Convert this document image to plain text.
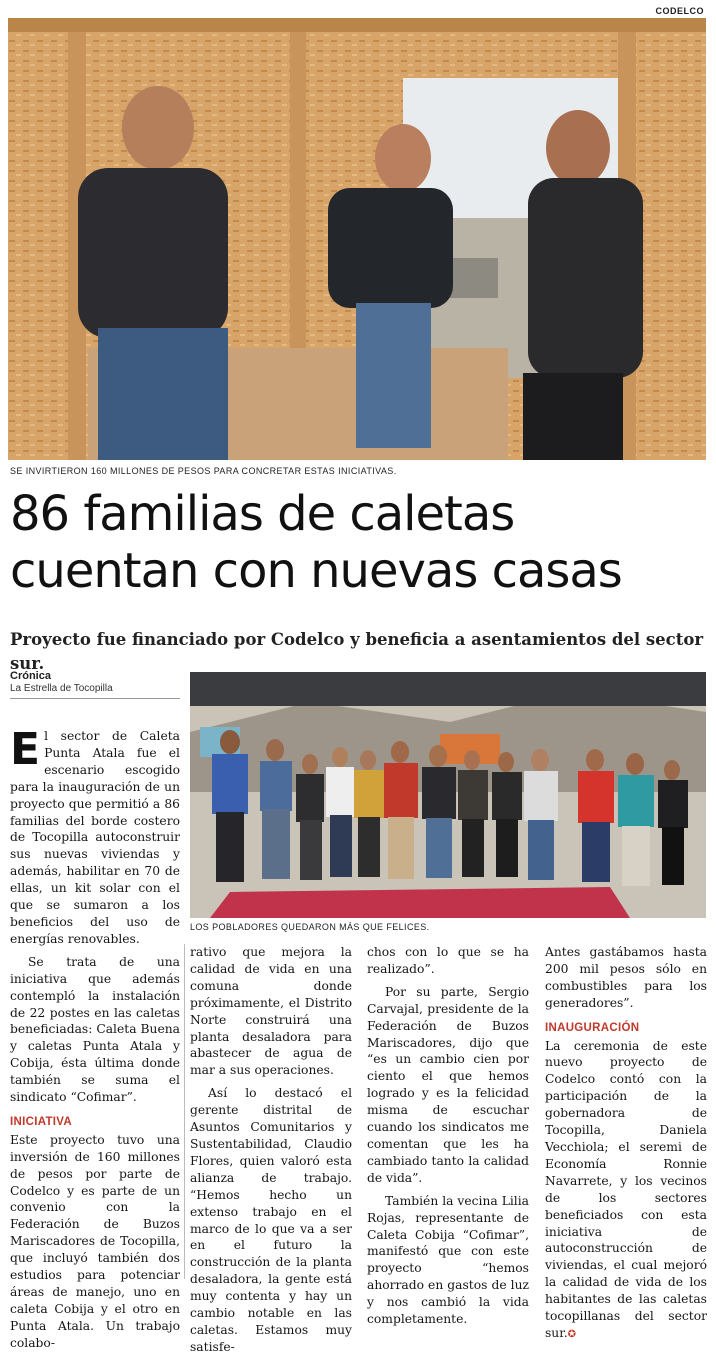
CODELCO
SE INVIRTIERON 160 MILLONES DE PESOS PARA CONCRETAR ESTAS INICIATIVAS.
86 familias de caletas
cuentan con nuevas casas

Proyecto fue financiado por Codelco y beneficia a asentamientos del sector sur.

Crónica
La Estrella de Tocopilla
LOS POBLADORES QUEDARON MÁS QUE FELICES.

El sector de Caleta Punta Atala fue el escenario escogido para la inauguración de un proyecto que permitió a 86 familias del borde costero de Tocopilla autoconstruir sus nuevas viviendas y además, habilitar en 70 de ellas, un kit solar con el que se sumaron a los beneficios del uso de energías renovables.

Se trata de una iniciativa que además contempló la instalación de 22 postes en las caletas beneficiadas: Caleta Buena y caletas Punta Atala y Cobija, ésta última donde también se suma el sindicato “Cofimar”.

INICIATIVA

Este proyecto tuvo una inversión de 160 millones de pesos por parte de Codelco y es parte de un convenio con la Federación de Buzos Mariscadores de Tocopilla, que incluyó también dos estudios para potenciar áreas de manejo, uno en caleta Cobija y el otro en Punta Atala. Un trabajo colabo-

rativo que mejora la calidad de vida en una comuna donde próximamente, el Distrito Norte construirá una planta desaladora para abastecer de agua de mar a sus operaciones.

Así lo destacó el gerente distrital de Asuntos Comunitarios y Sustentabilidad, Claudio Flores, quien valoró esta alianza de trabajo. “Hemos hecho un extenso trabajo en el marco de lo que va a ser en el futuro la construcción de la planta desaladora, la gente está muy contenta y hay un cambio notable en las caletas. Estamos muy satisfe-

chos con lo que se ha realizado”.

Por su parte, Sergio Carvajal, presidente de la Federación de Buzos Mariscadores, dijo que “es un cambio cien por ciento el que hemos logrado y es la felicidad misma de escuchar cuando los sindicatos me comentan que les ha cambiado tanto la calidad de vida”.

También la vecina Lilia Rojas, representante de Caleta Cobija “Cofimar”, manifestó que con este proyecto “hemos ahorrado en gastos de luz y nos cambió la vida completamente.

Antes gastábamos hasta 200 mil pesos sólo en combustibles para los generadores”.

INAUGURACIÓN

La ceremonia de este nuevo proyecto de Codelco contó con la participación de la gobernadora de Tocopilla, Daniela Vecchiola; el seremi de Economía Ronnie Navarrete, y los vecinos de los sectores beneficiados con esta iniciativa de autoconstrucción de viviendas, el cual mejoró la calidad de vida de los habitantes de las caletas tocopillanas del sector sur.✪
